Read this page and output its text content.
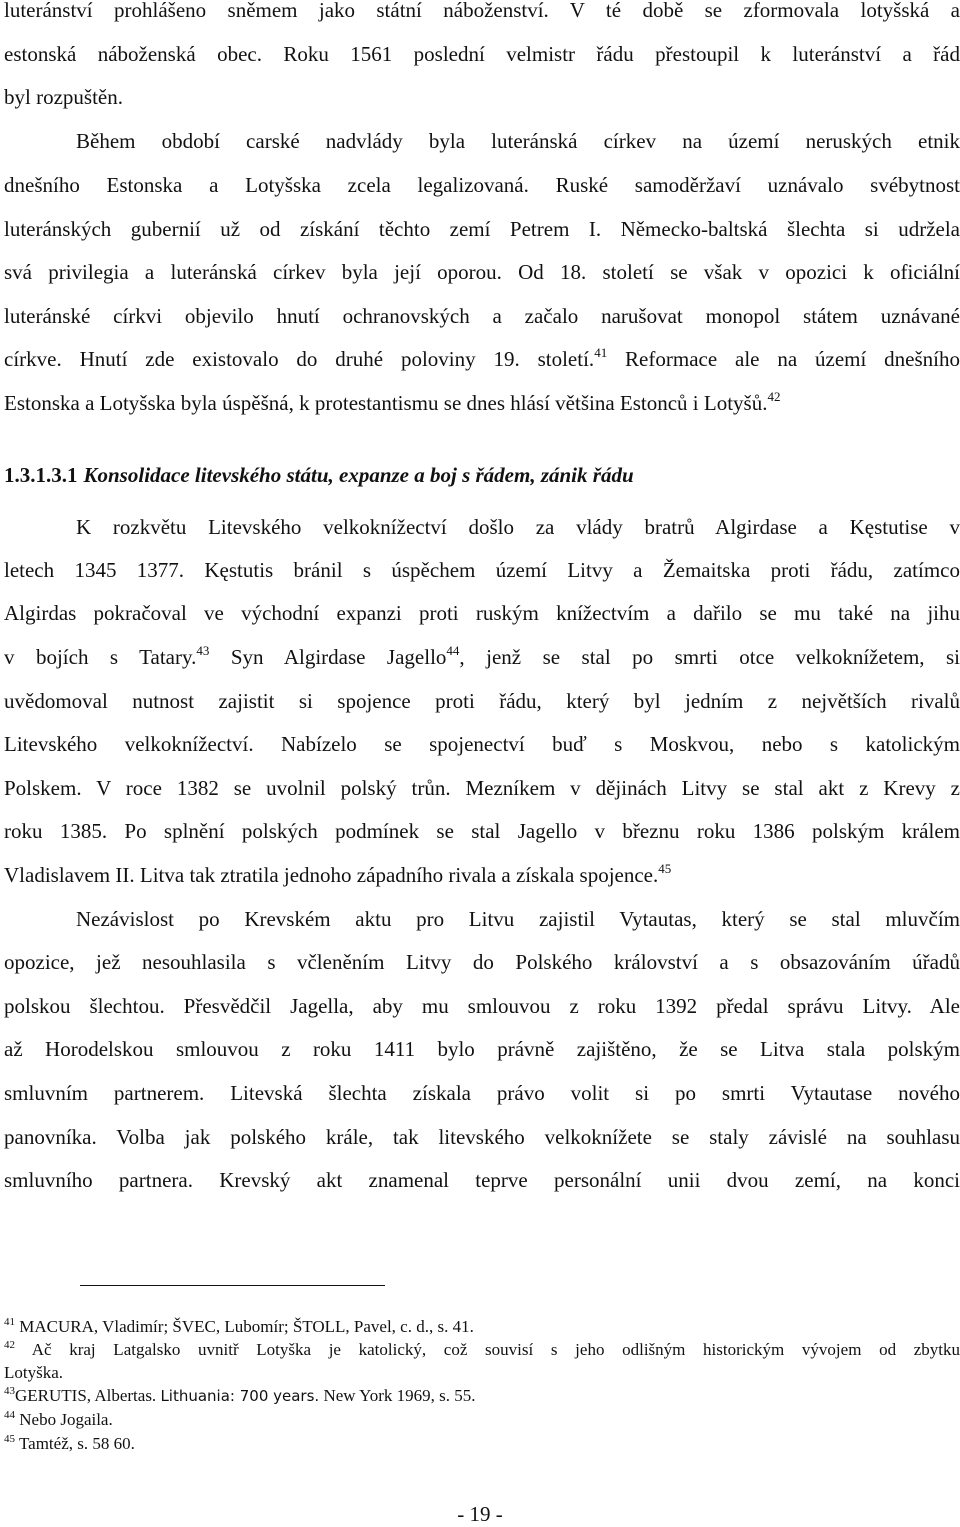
luteránství prohlášeno sněmem jako státní náboženství. V té době se zformovala lotyšská a
estonská náboženská obec. Roku 1561 poslední velmistr řádu přestoupil k luteránství a řád
byl rozpuštěn.
Během období carské nadvlády byla luteránská církev na území neruských etnik
dnešního Estonska a Lotyšska zcela legalizovaná. Ruské samoděržaví uznávalo svébytnost
luteránských gubernií už od získání těchto zemí Petrem I. Německo-baltská šlechta si udržela
svá privilegia a luteránská církev byla její oporou. Od 18. století se však v opozici k oficiální
luteránské církvi objevilo hnutí ochranovských a začalo narušovat monopol státem uznávané
církve. Hnutí zde existovalo do druhé poloviny 19. století.$^{41}$ Reformace ale na území dnešního
Estonska a Lotyšska byla úspěšná, k protestantismu se dnes hlásí většina Estonců i Lotyšů.$^{42}$
1.3.1.3.1 Konsolidace litevského státu, expanze a boj s řádem, zánik řádu
K rozkvětu Litevského velkoknížectví došlo za vlády bratrů Algirdase a Kęstutise v
letech 1345 1377. Kęstutis bránil s úspěchem území Litvy a Žemaitska proti řádu, zatímco
Algirdas pokračoval ve východní expanzi proti ruským knížectvím a dařilo se mu také na jihu
v bojích s Tatary.$^{43}$ Syn Algirdase Jagello$^{44}$, jenž se stal po smrti otce velkoknížetem, si
uvědomoval nutnost zajistit si spojence proti řádu, který byl jedním z největších rivalů
Litevského velkoknížectví. Nabízelo se spojenectví buď s Moskvou, nebo s katolickým
Polskem. V roce 1382 se uvolnil polský trůn. Mezníkem v dějinách Litvy se stal akt z Krevy z
roku 1385. Po splnění polských podmínek se stal Jagello v březnu roku 1386 polským králem
Vladislavem II. Litva tak ztratila jednoho západního rivala a získala spojence.$^{45}$
Nezávislost po Krevském aktu pro Litvu zajistil Vytautas, který se stal mluvčím
opozice, jež nesouhlasila s včleněním Litvy do Polského království a s obsazováním úřadů
polskou šlechtou. Přesvědčil Jagella, aby mu smlouvou z roku 1392 předal správu Litvy. Ale
až Horodelskou smlouvou z roku 1411 bylo právně zajištěno, že se Litva stala polským
smluvním partnerem. Litevská šlechta získala právo volit si po smrti Vytautase nového
panovníka. Volba jak polského krále, tak litevského velkoknížete se staly závislé na souhlasu
smluvního partnera. Krevský akt znamenal teprve personální unii dvou zemí, na konci
$^{41}$ MACURA, Vladimír; ŠVEC, Lubomír; ŠTOLL, Pavel, c. d., s. 41.
$^{42}$ Ač kraj Latgalsko uvnitř Lotyška je katolický, což souvisí s jeho odlišným historickým vývojem od zbytku
Lotyška.
$^{43}$GERUTIS, Albertas. Lithuania: 700 years. New York 1969, s. 55.
$^{44}$ Nebo Jogaila.
$^{45}$ Tamtéž, s. 58 60.
- 19 -
